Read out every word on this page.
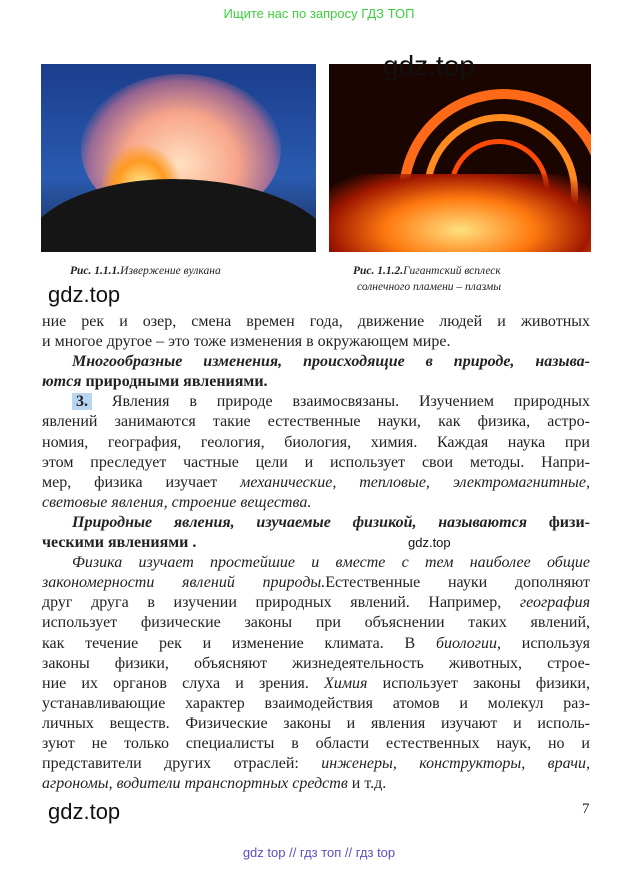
Ищите нас по запросу ГДЗ ТОП
gdz.top
Рис. 1.1.1.Извержение вулкана	Рис. 1.1.2.Гигантский всплеск
солнечного пламени – плазмы
gdz.top
ние рек и озер, смена времен года, движение людей и животных
и многое другое – это тоже изменения в окружающем мире.
Многообразные изменения, происходящие в природе, называ-
ются природными явлениями.
3. Явления в природе взаимосвязаны. Изучением природных
явлений занимаются такие естественные науки, как физика, астро-
номия, география, геология, биология, химия. Каждая наука при
этом преследует частные цели и использует свои методы. Напри-
мер, физика изучает механические, тепловые, электромагнитные,
световые явления, строение вещества.
Природные явления, изучаемые физикой, называются физи-
ческими явлениями .
Физика изучает простейшие и вместе с тем наиболее общие
закономерности явлений природы.Естественные науки дополняют
друг друга в изучении природных явлений. Например, география
использует физические законы при объяснении таких явлений,
как течение рек и изменение климата. В биологии, используя
законы физики, объясняют жизнедеятельность животных, строе-
ние их органов слуха и зрения. Химия использует законы физики,
устанавливающие характер взаимодействия атомов и молекул раз-
личных веществ. Физические законы и явления изучают и исполь-
зуют не только специалисты в области естественных наук, но и
представители других отраслей: инженеры, конструкторы, врачи,
агрономы, водители транспортных средств и т.д.
gdz.top
gdz.top	7
gdz top // гдз топ // гдз top
